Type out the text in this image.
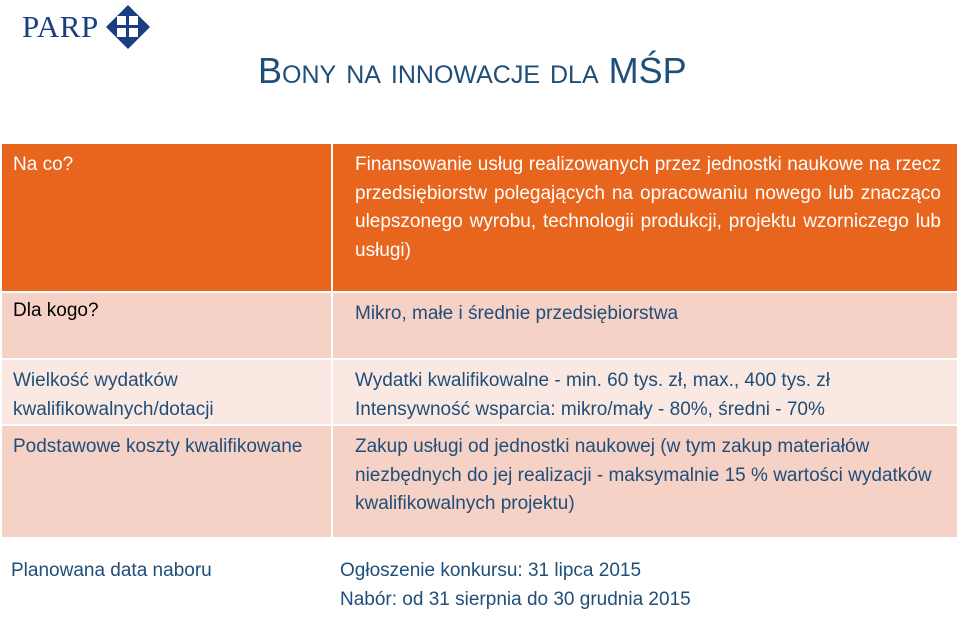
PARP
Bony na innowacje dla MŚP
Na co?	Finansowanie usług realizowanych przez jednostki naukowe na rzecz przedsiębiorstw polegających na opracowaniu nowego lub znacząco ulepszonego wyrobu, technologii produkcji, projektu wzorniczego lub usługi)
Dla kogo?	Mikro, małe i średnie przedsiębiorstwa
Wielkość wydatków kwalifikowalnych/dotacji	Wydatki kwalifikowalne - min. 60 tys. zł, max., 400 tys. zł
Intensywność wsparcia: mikro/mały - 80%, średni - 70%

Podstawowe koszty kwalifikowane	Zakup usługi od jednostki naukowej (w tym zakup materiałów niezbędnych do jej realizacji - maksymalnie 15 % wartości wydatków kwalifikowalnych projektu)
Planowana data naboru	Ogłoszenie konkursu: 31 lipca 2015
Nabór: od 31 sierpnia do 30 grudnia 2015
